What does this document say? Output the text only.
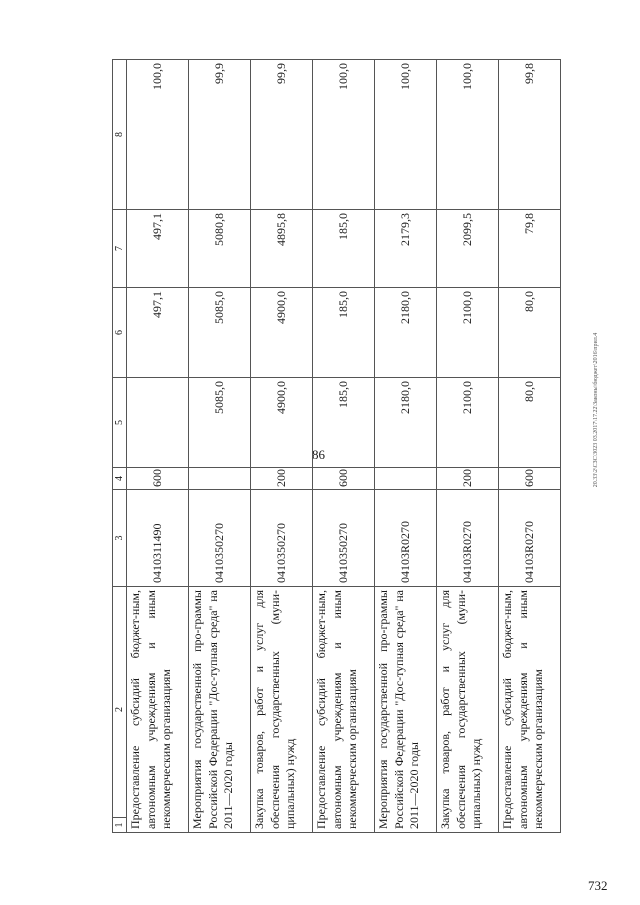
86	20.33\2\СЗС\3023 03.2017\17.22\Законы\бюджет\2016\прил.4
732
1
2	3	4	5	6	7	8
Предоставление субсидий бюджет-ным, автономным учреждениям и иным некоммерческим организациям	0410311490	600		497,1	497,1	100,0
Мероприятия государственной про-граммы Российской Федерации "Дос-тупная среда" на 2011—2020 годы	0410350270		5085,0	5085,0	5080,8	99,9
Закупка товаров, работ и услуг для обеспечения государственных (муни-ципальных) нужд	0410350270	200	4900,0	4900,0	4895,8	99,9
Предоставление субсидий бюджет-ным, автономным учреждениям и иным некоммерческим организациям	0410350270	600	185,0	185,0	185,0	100,0
Мероприятия государственной про-граммы Российской Федерации "Дос-тупная среда" на 2011—2020 годы	04103R0270		2180,0	2180,0	2179,3	100,0
Закупка товаров, работ и услуг для обеспечения государственных (муни-ципальных) нужд	04103R0270	200	2100,0	2100,0	2099,5	100,0
Предоставление субсидий бюджет-ным, автономным учреждениям и иным некоммерческим организациям	04103R0270	600	80,0	80,0	79,8	99,8
